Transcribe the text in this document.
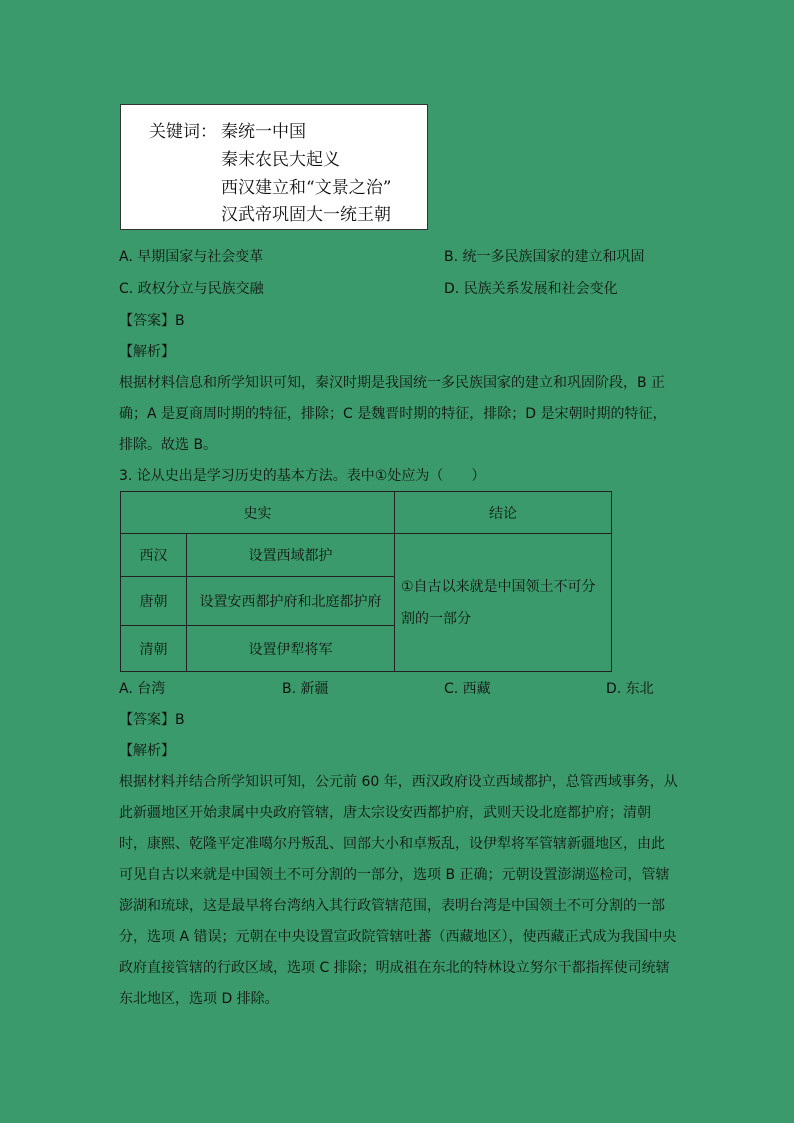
关键词： 秦统一中国
秦末农民大起义
西汉建立和“文景之治”
汉武帝巩固大一统王朝
A. 早期国家与社会变革	B. 统一多民族国家的建立和巩固
C. 政权分立与民族交融	D. 民族关系发展和社会变化
【答案】B
【解析】
根据材料信息和所学知识可知，秦汉时期是我国统一多民族国家的建立和巩固阶段，B 正
确；A 是夏商周时期的特征，排除；C 是魏晋时期的特征，排除；D 是宋朝时期的特征，
排除。故选 B。
3. 论从史出是学习历史的基本方法。表中①处应为（　　）
史实		结论
西汉	设置西域都护	①自古以来就是中国领土不可分割的一部分
唐朝	设置安西都护府和北庭都护府	
清朝	设置伊犁将军	
A. 台湾	B. 新疆	C. 西藏	D. 东北
【答案】B
【解析】
根据材料并结合所学知识可知，公元前 60 年，西汉政府设立西域都护，总管西域事务，从
此新疆地区开始隶属中央政府管辖，唐太宗设安西都护府，武则天设北庭都护府；清朝
时，康熙、乾隆平定准噶尔丹叛乱、回部大小和卓叛乱，设伊犁将军管辖新疆地区，由此
可见自古以来就是中国领土不可分割的一部分，选项 B 正确；元朝设置澎湖巡检司，管辖
澎湖和琉球，这是最早将台湾纳入其行政管辖范围，表明台湾是中国领土不可分割的一部
分，选项 A 错误；元朝在中央设置宣政院管辖吐蕃（西藏地区），使西藏正式成为我国中央
政府直接管辖的行政区域，选项 C 排除；明成祖在东北的特林设立努尔干都指挥使司统辖
东北地区，选项 D 排除。
